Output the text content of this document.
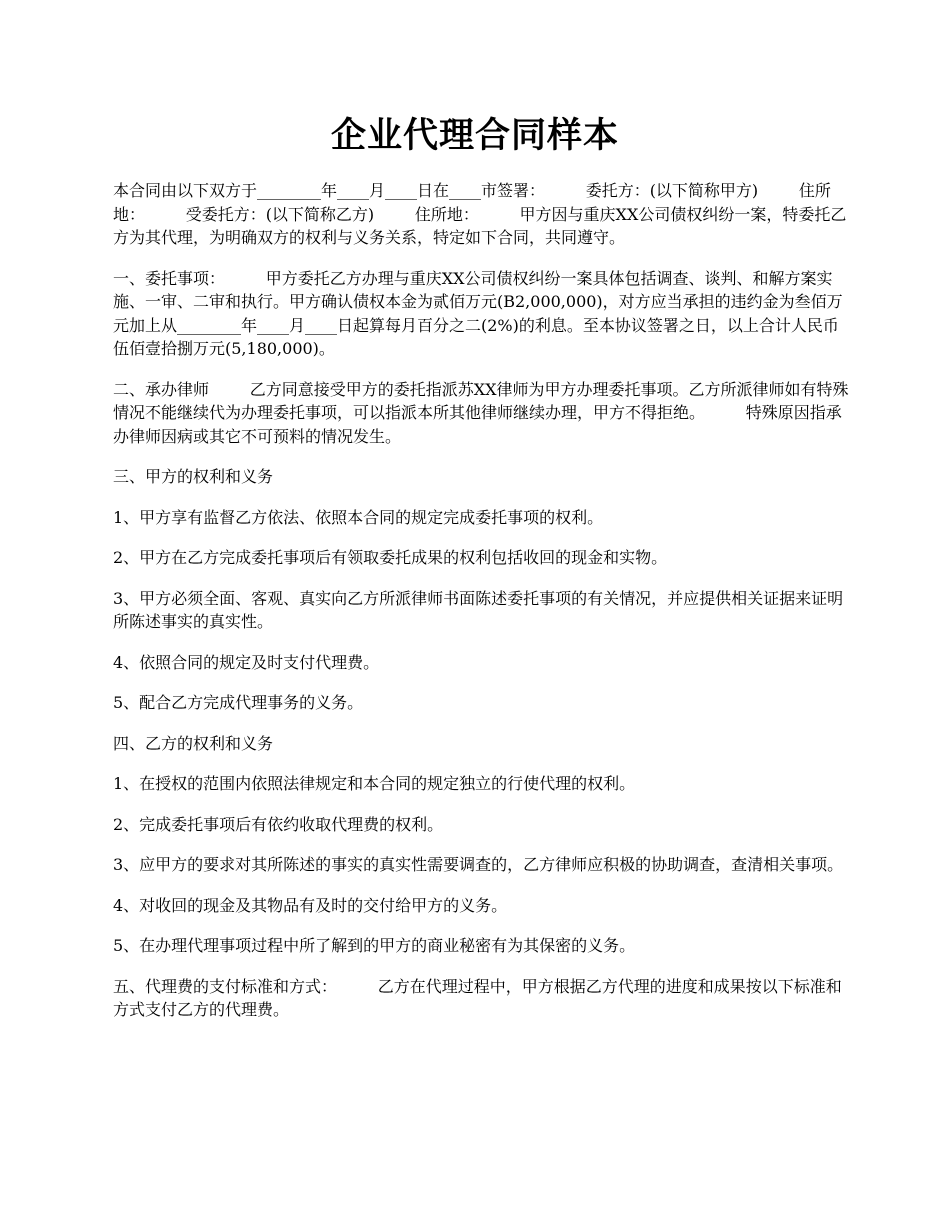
企业代理合同样本

本合同由以下双方于________年____月____日在____市签署：        委托方：(以下简称甲方)        住所地：        受委托方：(以下简称乙方)        住所地：        甲方因与重庆XX公司债权纠纷一案，特委托乙方为其代理，为明确双方的权利与义务关系，特定如下合同，共同遵守。

一、委托事项：        甲方委托乙方办理与重庆XX公司债权纠纷一案具体包括调查、谈判、和解方案实施、一审、二审和执行。甲方确认债权本金为贰佰万元(B2,000,000)，对方应当承担的违约金为叁佰万元加上从________年____月____日起算每月百分之二(2%)的利息。至本协议签署之日，以上合计人民币伍佰壹拾捌万元(5,180,000)。

二、承办律师        乙方同意接受甲方的委托指派苏XX律师为甲方办理委托事项。乙方所派律师如有特殊情况不能继续代为办理委托事项，可以指派本所其他律师继续办理，甲方不得拒绝。        特殊原因指承办律师因病或其它不可预料的情况发生。

三、甲方的权利和义务

1、甲方享有监督乙方依法、依照本合同的规定完成委托事项的权利。

2、甲方在乙方完成委托事项后有领取委托成果的权利包括收回的现金和实物。

3、甲方必须全面、客观、真实向乙方所派律师书面陈述委托事项的有关情况，并应提供相关证据来证明所陈述事实的真实性。

4、依照合同的规定及时支付代理费。

5、配合乙方完成代理事务的义务。

四、乙方的权利和义务

1、在授权的范围内依照法律规定和本合同的规定独立的行使代理的权利。

2、完成委托事项后有依约收取代理费的权利。

3、应甲方的要求对其所陈述的事实的真实性需要调查的，乙方律师应积极的协助调查，查清相关事项。

4、对收回的现金及其物品有及时的交付给甲方的义务。

5、在办理代理事项过程中所了解到的甲方的商业秘密有为其保密的义务。

五、代理费的支付标准和方式：        乙方在代理过程中，甲方根据乙方代理的进度和成果按以下标准和方式支付乙方的代理费。
